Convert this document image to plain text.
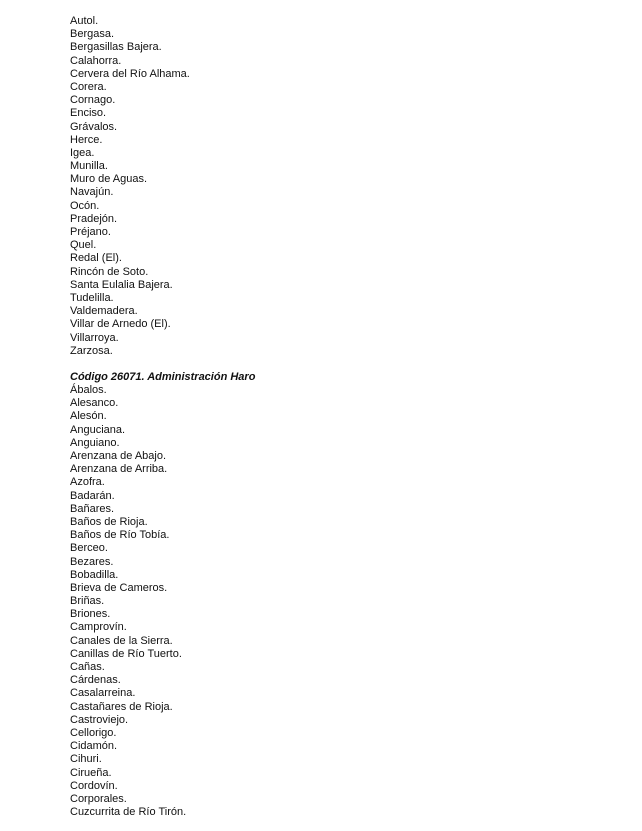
Autol.
Bergasa.
Bergasillas Bajera.
Calahorra.
Cervera del Río Alhama.
Corera.
Cornago.
Enciso.
Grávalos.
Herce.
Igea.
Munilla.
Muro de Aguas.
Navajún.
Ocón.
Pradejón.
Préjano.
Quel.
Redal (El).
Rincón de Soto.
Santa Eulalia Bajera.
Tudelilla.
Valdemadera.
Villar de Arnedo (El).
Villarroya.
Zarzosa.
Código 26071. Administración Haro
Ábalos.
Alesanco.
Alesón.
Anguciana.
Anguiano.
Arenzana de Abajo.
Arenzana de Arriba.
Azofra.
Badarán.
Bañares.
Baños de Rioja.
Baños de Río Tobía.
Berceo.
Bezares.
Bobadilla.
Brieva de Cameros.
Briñas.
Briones.
Camprovín.
Canales de la Sierra.
Canillas de Río Tuerto.
Cañas.
Cárdenas.
Casalarreina.
Castañares de Rioja.
Castroviejo.
Cellorigo.
Cidamón.
Cihuri.
Cirueña.
Cordovín.
Corporales.
Cuzcurrita de Río Tirón.
